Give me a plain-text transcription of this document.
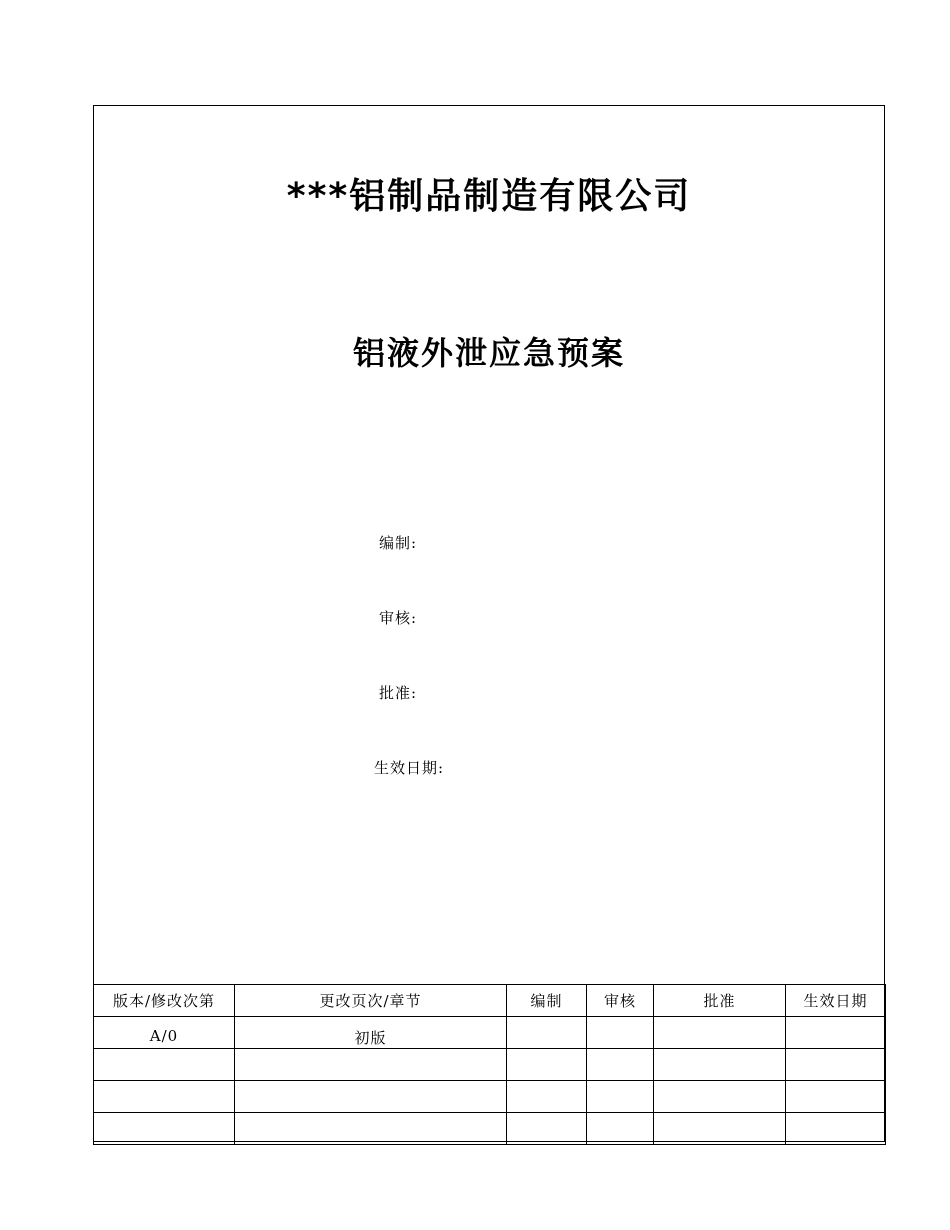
***铝制品制造有限公司
铝液外泄应急预案
编制:
审核:
批准:
生效日期:
版本/修改次第	更改页次/章节	编制	审核	批准	生效日期
A/0	初版				
